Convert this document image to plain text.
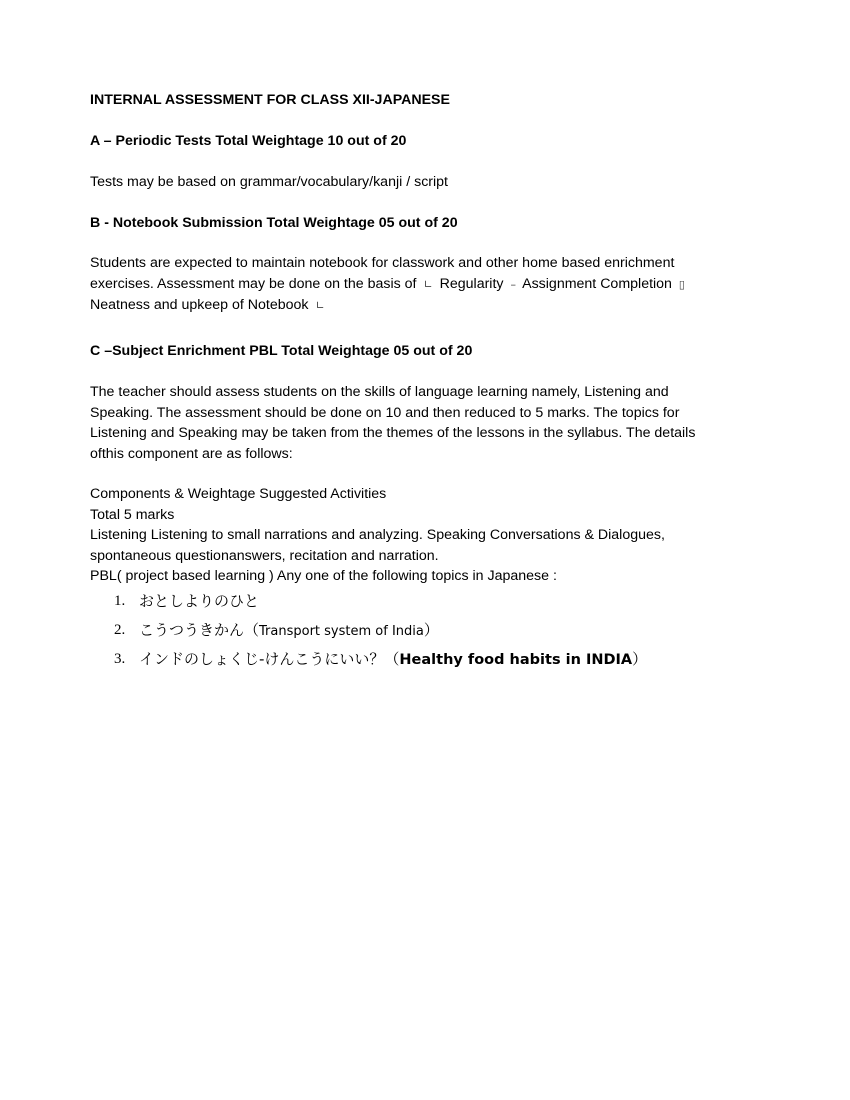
INTERNAL ASSESSMENT FOR CLASS XII-JAPANESE

A – Periodic Tests Total Weightage 10 out of 20

Tests may be based on grammar/vocabulary/kanji / script

B - Notebook Submission Total Weightage 05 out of 20

Students are expected to maintain notebook for classwork and other home based enrichment
exercises. Assessment may be done on the basis of ∟ Regularity – Assignment Completion ▯
Neatness and upkeep of Notebook ∟

C –Subject Enrichment PBL Total Weightage 05 out of 20

The teacher should assess students on the skills of language learning namely, Listening and
Speaking. The assessment should be done on 10 and then reduced to 5 marks. The topics for
Listening and Speaking may be taken from the themes of the lessons in the syllabus. The details
ofthis component are as follows:
Components & Weightage Suggested Activities
Total 5 marks
Listening Listening to small narrations and analyzing. Speaking Conversations & Dialogues,
spontaneous questionanswers, recitation and narration.
PBL( project based learning ) Any one of the following topics in Japanese :
1. おとしよりのひと
2. こうつうきかん（Transport system of India）
3. インドのしょくじ-けんこうにいい？（Healthy food habits in INDIA）
